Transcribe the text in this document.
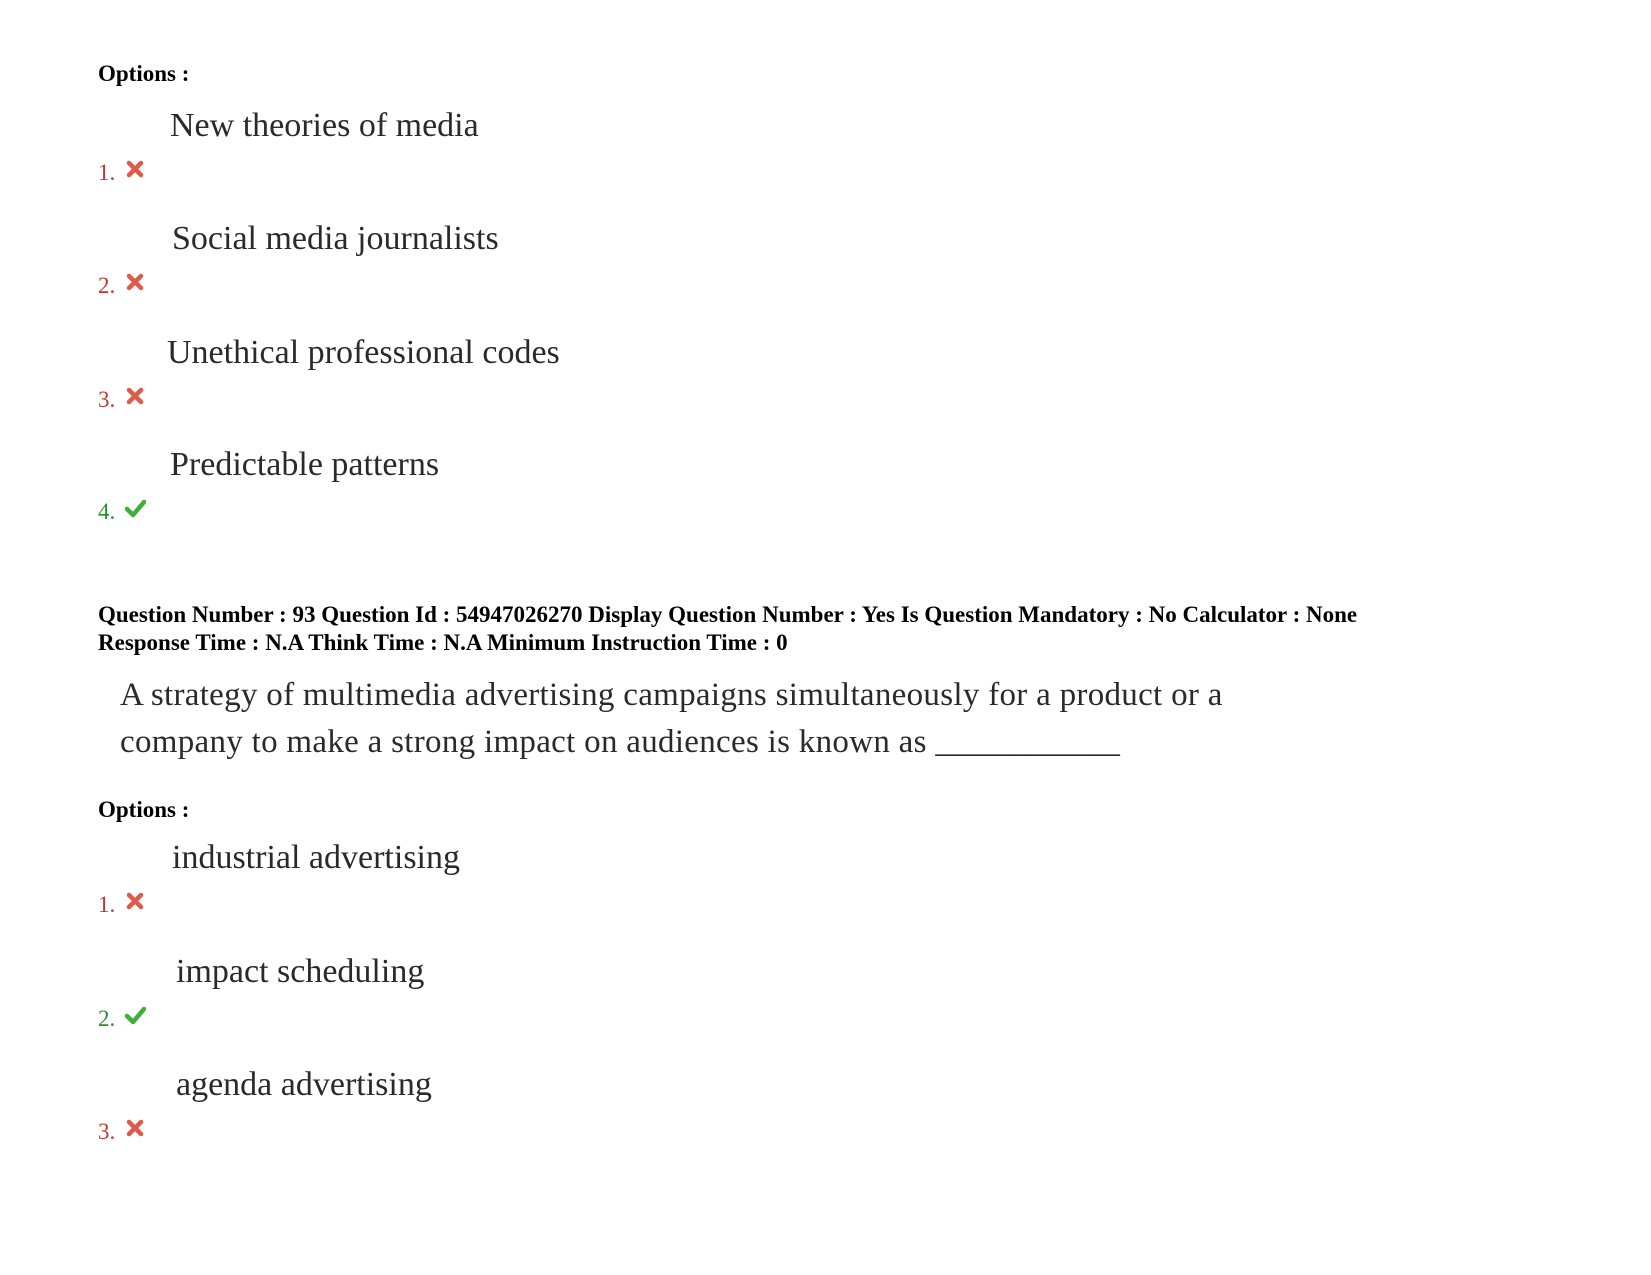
Options :
New theories of media
1.
Social media journalists
2.
Unethical professional codes
3.
Predictable patterns
4.
Question Number : 93 Question Id : 54947026270 Display Question Number : Yes Is Question Mandatory : No Calculator : None
Response Time : N.A Think Time : N.A Minimum Instruction Time : 0
A strategy of multimedia advertising campaigns simultaneously for a product or a
company to make a strong impact on audiences is known as ___________
Options :
industrial advertising
1.
impact scheduling
2.
agenda advertising
3.
